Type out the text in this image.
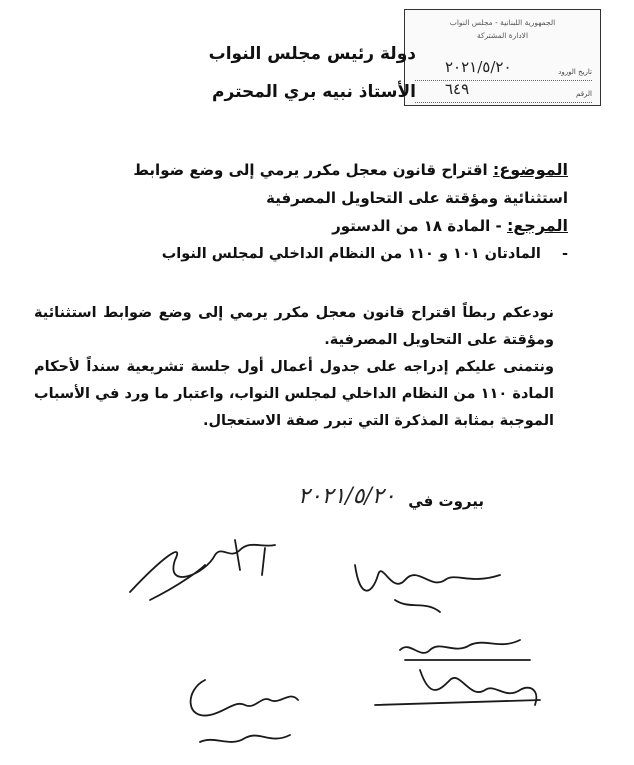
الجمهورية اللبنانية - مجلس النواب
الادارة المشتركة
تاريخ الورود
٢٠٢١/٥/٢٠
الرقم
٦٤٩
دولة رئيس مجلس النواب
الأستاذ نبيه بري المحترم
الموضوع: اقتراح قانون معجل مكرر يرمي إلى وضع ضوابط استثنائية ومؤقتة على التحاويل المصرفية
المرجع: - المادة ١٨ من الدستور
- المادتان ١٠١ و ١١٠ من النظام الداخلي لمجلس النواب

نودعكم ربطاً اقتراح قانون معجل مكرر يرمي إلى وضع ضوابط استثنائية ومؤقتة على التحاويل المصرفية.

ونتمنى عليكم إدراجه على جدول أعمال أول جلسة تشريعية سنداً لأحكام المادة ١١٠ من النظام الداخلي لمجلس النواب، واعتبار ما ورد في الأسباب الموجبة بمثابة المذكرة التي تبرر صفة الاستعجال.

بيروت في
٢٠٢١/٥/٢٠
